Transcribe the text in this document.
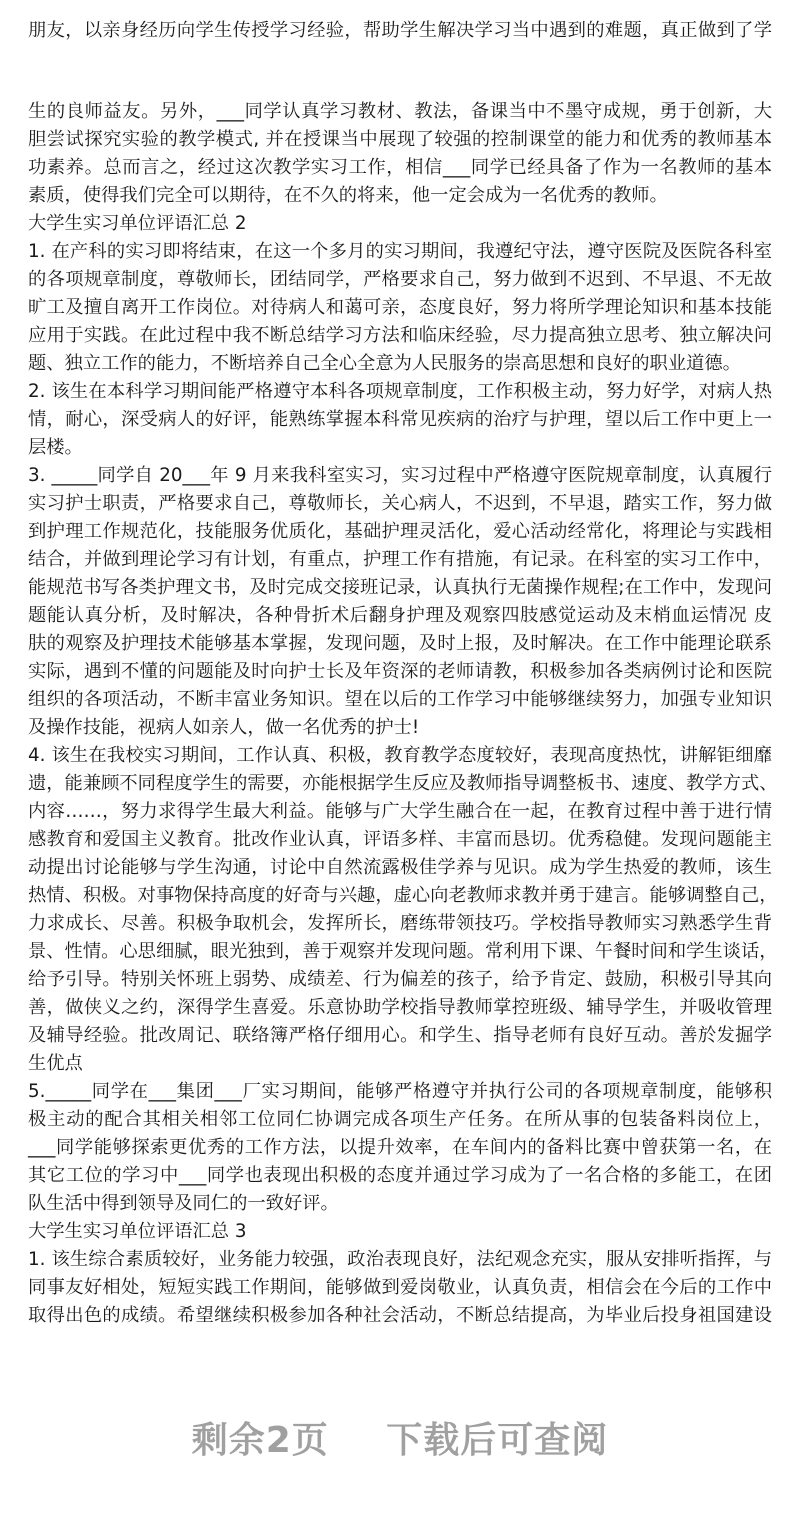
朋友，以亲身经历向学生传授学习经验，帮助学生解决学习当中遇到的难题，真正做到了学
生的良师益友。另外，___同学认真学习教材、教法，备课当中不墨守成规，勇于创新，大
胆尝试探究实验的教学模式, 并在授课当中展现了较强的控制课堂的能力和优秀的教师基本
功素养。总而言之，经过这次教学实习工作，相信___同学已经具备了作为一名教师的基本
素质，使得我们完全可以期待，在不久的将来，他一定会成为一名优秀的教师。
大学生实习单位评语汇总 2
1. 在产科的实习即将结束，在这一个多月的实习期间，我遵纪守法，遵守医院及医院各科室
的各项规章制度，尊敬师长，团结同学，严格要求自己，努力做到不迟到、不早退、不无故
旷工及擅自离开工作岗位。对待病人和蔼可亲，态度良好，努力将所学理论知识和基本技能
应用于实践。在此过程中我不断总结学习方法和临床经验，尽力提高独立思考、独立解决问
题、独立工作的能力，不断培养自己全心全意为人民服务的崇高思想和良好的职业道德。
2. 该生在本科学习期间能严格遵守本科各项规章制度，工作积极主动，努力好学，对病人热
情，耐心，深受病人的好评，能熟练掌握本科常见疾病的治疗与护理，望以后工作中更上一
层楼。
3. _____同学自 20___年 9 月来我科室实习，实习过程中严格遵守医院规章制度，认真履行
实习护士职责，严格要求自己，尊敬师长，关心病人，不迟到，不早退，踏实工作，努力做
到护理工作规范化，技能服务优质化，基础护理灵活化，爱心活动经常化，将理论与实践相
结合，并做到理论学习有计划，有重点，护理工作有措施，有记录。在科室的实习工作中，
能规范书写各类护理文书，及时完成交接班记录，认真执行无菌操作规程;在工作中，发现问
题能认真分析，及时解决，各种骨折术后翻身护理及观察四肢感觉运动及末梢血运情况 皮
肤的观察及护理技术能够基本掌握，发现问题，及时上报，及时解决。在工作中能理论联系
实际，遇到不懂的问题能及时向护士长及年资深的老师请教，积极参加各类病例讨论和医院
组织的各项活动，不断丰富业务知识。望在以后的工作学习中能够继续努力，加强专业知识
及操作技能，视病人如亲人，做一名优秀的护士!
4. 该生在我校实习期间，工作认真、积极，教育教学态度较好，表现高度热忱，讲解钜细靡
遗，能兼顾不同程度学生的需要，亦能根据学生反应及教师指导调整板书、速度、教学方式、
内容……，努力求得学生最大利益。能够与广大学生融合在一起，在教育过程中善于进行情
感教育和爱国主义教育。批改作业认真，评语多样、丰富而恳切。优秀稳健。发现问题能主
动提出讨论能够与学生沟通，讨论中自然流露极佳学养与见识。成为学生热爱的教师，该生
热情、积极。对事物保持高度的好奇与兴趣，虚心向老教师求教并勇于建言。能够调整自己，
力求成长、尽善。积极争取机会，发挥所长，磨练带领技巧。学校指导教师实习熟悉学生背
景、性情。心思细腻，眼光独到，善于观察并发现问题。常利用下课、午餐时间和学生谈话，
给予引导。特别关怀班上弱势、成绩差、行为偏差的孩子，给予肯定、鼓励，积极引导其向
善，做侠义之约，深得学生喜爱。乐意协助学校指导教师掌控班级、辅导学生，并吸收管理
及辅导经验。批改周记、联络簿严格仔细用心。和学生、指导老师有良好互动。善於发掘学
生优点
5._____同学在___集团___厂实习期间，能够严格遵守并执行公司的各项规章制度，能够积
极主动的配合其相关相邻工位同仁协调完成各项生产任务。在所从事的包装备料岗位上，
___同学能够探索更优秀的工作方法，以提升效率，在车间内的备料比赛中曾获第一名，在
其它工位的学习中___同学也表现出积极的态度并通过学习成为了一名合格的多能工，在团
队生活中得到领导及同仁的一致好评。
大学生实习单位评语汇总 3
1. 该生综合素质较好，业务能力较强，政治表现良好，法纪观念充实，服从安排听指挥，与
同事友好相处，短短实践工作期间，能够做到爱岗敬业，认真负责，相信会在今后的工作中
取得出色的成绩。希望继续积极参加各种社会活动，不断总结提高，为毕业后投身祖国建设
剩余2页 下载后可查阅
